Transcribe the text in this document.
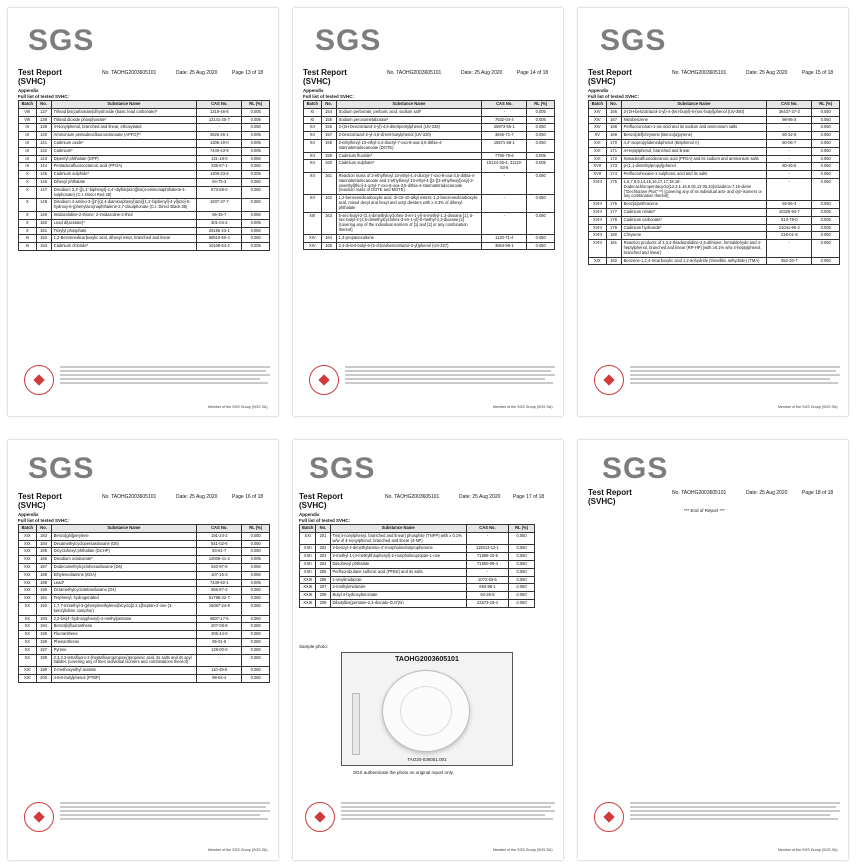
SGS
Test Report
(SVHC)
No. TAOHG2003605101	Date: 25 Aug 2020	Page 13 of 18
Appendix
Full list of tested SVHC:
Batch	No.	Substance Name	CAS No.	RL (%)
VIII	137	Trilead bis(carbonate)dihydroxide (basic lead carbonate)*	1319-46-6	0.005
VIII	138	Trilead dioxide phosphonate*	12141-20-7	0.005
IX	139	4-Nonylphenol, branched and linear, ethoxylated	-	0.050
IX	140	Ammonium pentadecafluorooctanoate (APFO)**	3825-26-1	0.005
IX	141	Cadmium oxide*	1306-19-0	0.005
IX	142	Cadmium*	7440-43-9	0.005
IX	143	Dipentyl phthalate (DPP)	131-18-0	0.050
IX	144	Pentadecafluorooctanoic acid (PFOA)	335-67-1	0.050
X	145	Cadmium sulphide*	1306-23-6	0.005
X	146	Dihexyl phthalate	84-75-3	0.050
X	147	Disodium 3,3'-[[1,1'-biphenyl]-4,4'-diylbis(azo)]bis(4-aminonaphthalene-1-sulphonate) (C.I. Direct Red 28)	573-58-0	0.050
X	148	Disodium 4-amino-3-[[4'-[(2,4-diaminophenyl)azo][1,1'-biphenyl]-4-yl]azo]-5-hydroxy-6-(phenylazo)naphthalene-2,7-disulphonate (C.I. Direct Black 38)	1937-37-7	0.050
X	149	Imidazolidine-2-thione; 2-imidazoline-2-thiol	96-45-7	0.050
X	150	Lead di(acetate)*	301-04-2	0.005
X	151	Trixylyl phosphate	25155-23-1	0.050
XI	152	1,2-Benzenedicarboxylic acid, dihexyl ester, branched and linear	68515-50-4	0.050
XI	153	Cadmium chloride*	10108-64-2	0.005
Member of the SGS Group (SGS SA)
SGS
Test Report
(SVHC)
No. TAOHG2003605101	Date: 25 Aug 2020	Page 14 of 18
Appendix
Full list of tested SVHC:
Batch	No.	Substance Name	CAS No.	RL (%)
XI	154	Sodium perborate; perboric acid, sodium salt*	-	0.005
XI	155	Sodium peroxometaborate*	7632-04-4	0.005
XII	156	2-(2H-benzotriazol-2-yl)-4,6-ditertpentylphenol (UV-328)	25973-55-1	0.050
XII	157	2-benzotriazol-2-yl-4,6-di-tert-butylphenol (UV-320)	3846-71-7	0.050
XII	158	2-ethylhexyl 10-ethyl-4,4-dioctyl-7-oxo-8-oxa-3,5-dithia-4-stannatetradecanoate (DOTE)	15571-58-1	0.050
XII	159	Cadmium fluoride*	7790-79-6	0.005
XII	160	Cadmium sulphate*	10124-36-4, 31119-53-6	0.005
XII	161	Reaction mass of 2-ethylhexyl 10-ethyl-4,4-dioctyl-7-oxo-8-oxa-3,5-dithia-4-stannatetradecanoate and 2-ethylhexyl 10-ethyl-4-[[2-[(2-ethylhexyl)oxy]-2-oxoethyl]thio]-4-octyl-7-oxo-8-oxa-3,5-dithia-4-stannatetradecanoate (reaction mass of DOTE and MOTE)	-	0.050
XII	162	1,2-benzenedicarboxylic acid, di-C6-10-alkyl esters; 1,2-benzenedicarboxylic acid, mixed decyl and hexyl and octyl diesters with ≥ 0.3% of dihexyl phthalate	-	0.050
XIII	163	5-sec-butyl-2-(2,4-dimethylcyclohex-3-en-1-yl)-5-methyl-1,3-dioxane [1], 5-sec-butyl-2-(4,6-dimethylcyclohex-3-en-1-yl)-5-methyl-1,3-dioxane [2] [covering any of the individual isomers of [1] and [2] or any combination thereof]	-	0.050
XIV	164	1,3-propanesultone	1120-71-4	0.050
XIV	165	2,4-di-tert-butyl-6-(5-chlorobenzotriazol-2-yl)phenol (UV-327)	3864-99-1	0.050
Member of the SGS Group (SGS SA)
SGS
Test Report
(SVHC)
No. TAOHG2003605101	Date: 25 Aug 2020	Page 15 of 18
Appendix
Full list of tested SVHC:
Batch	No.	Substance Name	CAS No.	RL (%)
XIV	166	2-(2H-benzotriazol-2-yl)-4-(tert-butyl)-6-(sec-butyl)phenol (UV-350)	36437-37-3	0.050
XIV	167	Nitrobenzene	98-95-3	0.050
XIV	168	Perfluorononan-1-oic-acid and its sodium and ammonium salts	-	0.050
XV	169	Benzo[def]chrysene (Benzo[a]pyrene)	50-32-8	0.050
XVI	170	4,4'-isopropylidenediphenol (Bisphenol A)	80-05-7	0.050
XVI	171	4-Heptylphenol, branched and linear	-	0.050
XVI	172	Nonadecafluorodecanoic acid (PFDA) and its sodium and ammonium salts	-	0.050
XVII	173	p-(1,1-dimethylpropyl)phenol	80-46-6	0.050
XVII	174	Perfluorohexane-1-sulphonic acid and its salts	-	0.050
XVIII	175	1,6,7,8,9,14,15,16,17,17,18,18-Dodecachloropentacyclo[12.2.1.16,9.02,13.05,10]octadeca-7,15-diene ("Dechlorane Plus"™) [covering any of its individual anti- and syn-isomers or any combination thereof]	-	0.050
XVIII	176	Benz[a]anthracene	56-55-3	0.050
XVIII	177	Cadmium nitrate*	10325-94-7	0.005
XVIII	178	Cadmium carbonate*	513-78-0	0.005
XVIII	179	Cadmium hydroxide*	21041-95-2	0.005
XVIII	180	Chrysene	218-01-9	0.050
XVIII	181	Reaction products of 1,3,4-thiadiazolidine-2,5-dithione, formaldehyde and 4-heptylphenol, branched and linear (RP-HP) [with ≥0.1% w/w 4-heptylphenol, branched and linear]	-	0.050
XIX	182	Benzene-1,2,4-tricarboxylic acid 1,2-anhydride (trimellitic anhydride) (TMA)	552-30-7	0.050
Member of the SGS Group (SGS SA)
SGS
Test Report
(SVHC)
No. TAOHG2003605101	Date: 25 Aug 2020	Page 16 of 18
Appendix
Full list of tested SVHC:
Batch	No.	Substance Name	CAS No.	RL (%)
XIX	183	Benzo[ghi]perylene	191-24-2	0.050
XIX	184	Decamethylcyclopentasiloxane (D5)	541-02-6	0.050
XIX	185	Dicyclohexyl phthalate (DCHP)	84-61-7	0.050
XIX	186	Disodium octaborate*	12008-41-2	0.005
XIX	187	Dodecamethylcyclohexasiloxane (D6)	540-97-6	0.050
XIX	188	Ethylenediamine (EDA)	107-15-3	0.050
XIX	189	Lead*	7439-92-1	0.005
XIX	190	Octamethylcyclotetrasiloxane (D4)	556-67-2	0.050
XIX	191	Terphenyl, hydrogenated	61788-32-7	0.050
XX	192	1,7,7-trimethyl-3-(phenylmethylene)bicyclo[2.2.1]heptan-2-one (3-benzylidene camphor)	15087-24-8	0.050
XX	193	2,2-bis(4'-hydroxyphenyl)-4-methylpentane	6807-17-6	0.050
XX	194	Benzo[k]fluoranthene	207-08-9	0.050
XX	195	Fluoranthene	206-44-0	0.050
XX	196	Phenanthrene	85-01-8	0.050
XX	197	Pyrene	129-00-0	0.050
XX	198	2,3,3,3-tetrafluoro-2-(heptafluoropropoxy)propionic acid, its salts and its acyl halides (covering any of their individual isomers and combinations thereof)	-	0.050
XXI	199	2-methoxyethyl acetate	110-49-6	0.050
XXI	200	4-tert-butylphenol (PTBP)	98-54-4	0.050
Member of the SGS Group (SGS SA)
SGS
Test Report
(SVHC)
No. TAOHG2003605101	Date: 25 Aug 2020	Page 17 of 18
Appendix
Full list of tested SVHC:
Batch	No.	Substance Name	CAS No.	RL (%)
XXI	201	Tris(4-nonylphenyl, branched and linear) phosphite (TNPP) with ≥ 0.1% w/w of 4-nonylphenol, branched and linear (4-NP)	-	0.050
XXII	202	2-benzyl-2-dimethylamino-4'-morpholinobutyrophenone	119313-12-1	0.050
XXII	203	2-methyl-1-(4-methylthiophenyl)-2-morpholinopropan-1-one	71868-10-5	0.050
XXII	204	Diisohexyl phthalate	71850-09-4	0.050
XXII	205	Perfluorobutane sulfonic acid (PFBS) and its salts	-	0.050
XXIII	206	1-vinylimidazole	1072-63-5	0.050
XXIII	207	2-methylimidazole	693-98-1	0.050
XXIII	208	Butyl 4-hydroxybenzoate	94-26-8	0.050
XXIII	209	Dibutylbis(pentane-2,4-dionato-O,O')tin	22673-19-4	0.050
Sample photo:
TAOHG2003605101
TAO20-036051.001
SGS authenticate the photo on original report only.
Member of the SGS Group (SGS SA)
SGS
Test Report
(SVHC)
No. TAOHG2003605101	Date: 25 Aug 2020	Page 18 of 18
*** End of Report ***
Member of the SGS Group (SGS SA)
